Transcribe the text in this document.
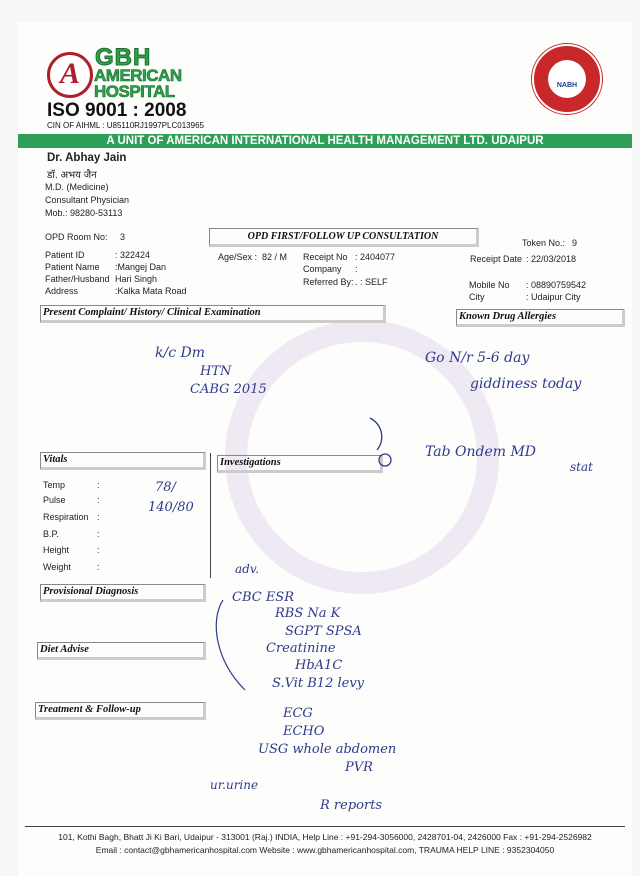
A GBH
AMERICAN
HOSPITAL
ISO 9001 : 2008
CIN OF AIHML : U85110RJ1997PLC013965
NABH
A UNIT OF AMERICAN INTERNATIONAL HEALTH MANAGEMENT LTD. UDAIPUR
Dr. Abhay Jain
डॉ. अभय जैन
M.D. (Medicine)
Consultant Physician
Mob.: 98280-53113
OPD Room No: 3	OPD FIRST/FOLLOW UP CONSULTATION
Token No.: 9
Patient ID	: 322424
Patient Name :Mangej Dan
Father/Husband Hari Singh
Address	:Kalka Mata Road
Age/Sex : 82 / M Receipt No : 2404077
Company :
Referred By: . : SELF
Receipt Date : 22/03/2018
Mobile No : 08890759542
City	: Udaipur City
Present Complaint/ History/ Clinical Examination	Known Drug Allergies
Vitals	Investigations
Provisional Diagnosis
Diet Advise
Treatment & Follow-up
Temp	:
Pulse	:
Respiration :
B.P.	:
Height	:
Weight	:
k/c Dm
HTN
CABG 2015
Go N/r 5-6 day
giddiness today
Tab Ondem MD
stat
78/
140/80
adv.
CBC ESR
RBS Na K
SGPT SPSA
Creatinine
HbA1C
S.Vit B12 levy
ECG
ECHO
USG whole abdomen
PVR
ur.urine
R reports
101, Kothi Bagh, Bhatt Ji Ki Bari, Udaipur - 313001 (Raj.) INDIA, Help Line : +91-294-3056000, 2428701-04, 2426000 Fax : +91-294-2526982
Email : contact@gbhamericanhospital.com Website : www.gbhamericanhospital.com, TRAUMA HELP LINE : 9352304050
